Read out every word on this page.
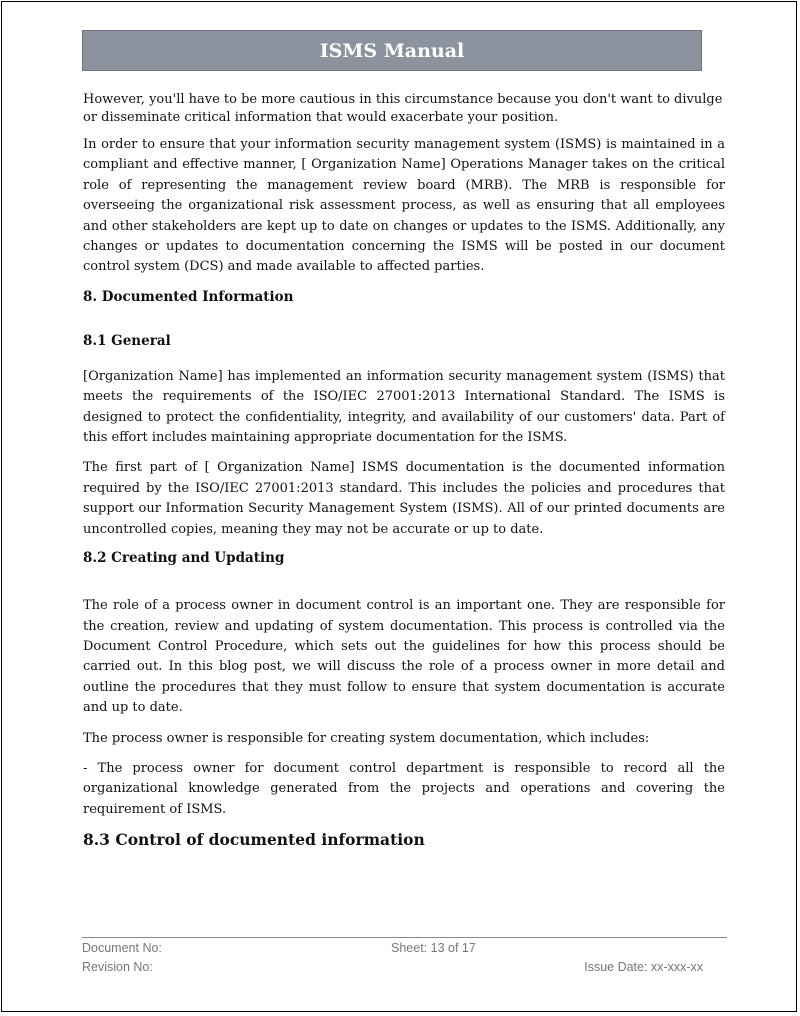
ISMS Manual

However, you'll have to be more cautious in this circumstance because you don't want to divulge or disseminate critical information that would exacerbate your position.

In order to ensure that your information security management system (ISMS) is maintained in a compliant and effective manner, [ Organization Name] Operations Manager takes on the critical role of representing the management review board (MRB). The MRB is responsible for overseeing the organizational risk assessment process, as well as ensuring that all employees and other stakeholders are kept up to date on changes or updates to the ISMS. Additionally, any changes or updates to documentation concerning the ISMS will be posted in our document control system (DCS) and made available to affected parties.

8. Documented Information
8.1 General

[Organization Name] has implemented an information security management system (ISMS) that meets the requirements of the ISO/IEC 27001:2013 International Standard. The ISMS is designed to protect the confidentiality, integrity, and availability of our customers' data. Part of this effort includes maintaining appropriate documentation for the ISMS.

The first part of [ Organization Name] ISMS documentation is the documented information required by the ISO/IEC 27001:2013 standard. This includes the policies and procedures that support our Information Security Management System (ISMS). All of our printed documents are uncontrolled copies, meaning they may not be accurate or up to date.

8.2 Creating and Updating

The role of a process owner in document control is an important one. They are responsible for the creation, review and updating of system documentation. This process is controlled via the Document Control Procedure, which sets out the guidelines for how this process should be carried out. In this blog post, we will discuss the role of a process owner in more detail and outline the procedures that they must follow to ensure that system documentation is accurate and up to date.

The process owner is responsible for creating system documentation, which includes:

- The process owner for document control department is responsible to record all the organizational knowledge generated from the projects and operations and covering the requirement of ISMS.

8.3 Control of documented information
Document No:
Revision No:
Sheet: 13 of 17
Issue Date: xx-xxx-xx
